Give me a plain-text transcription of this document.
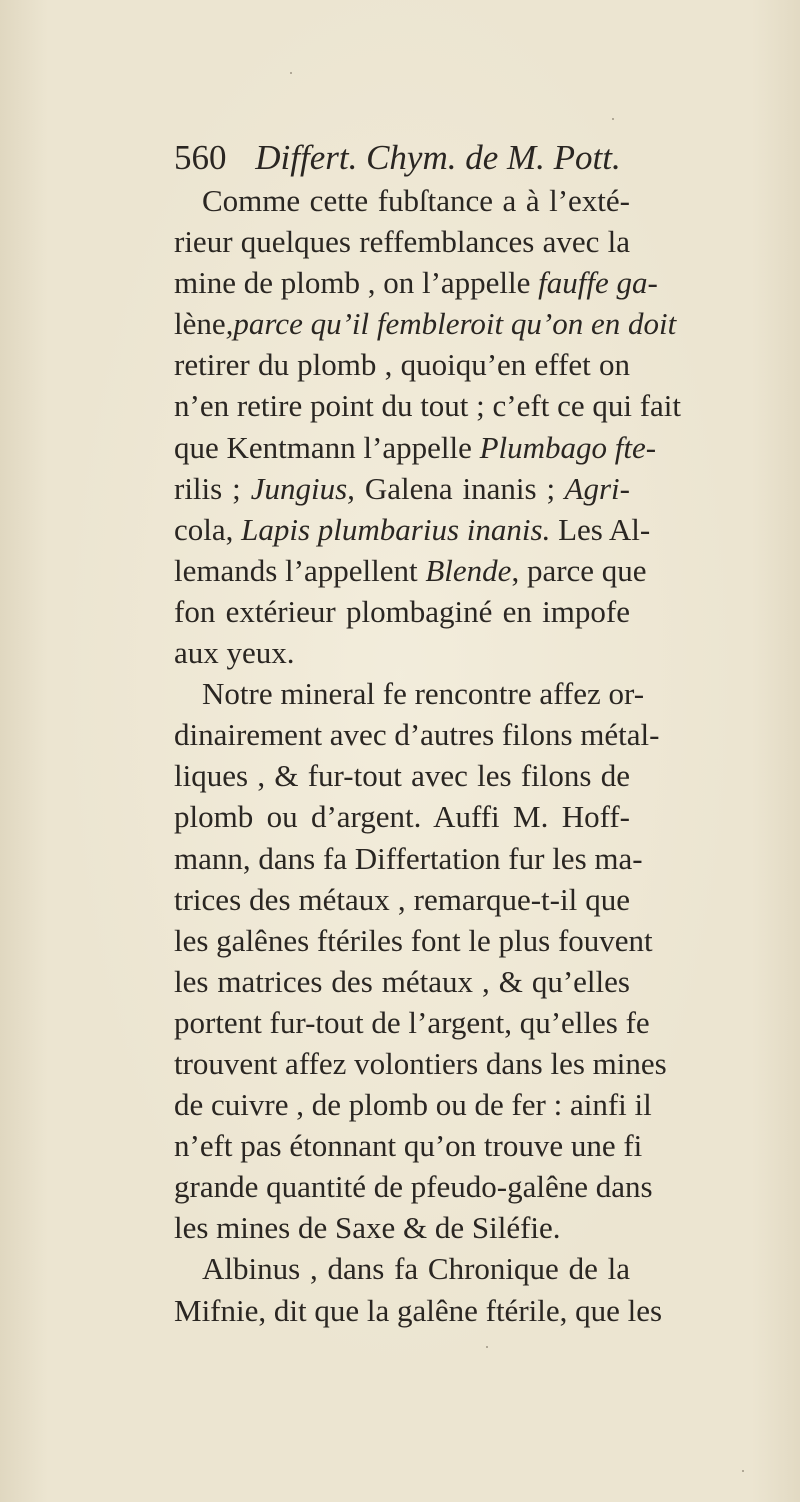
560 Differt. Chym. de M. Pott.
Comme cette fubſtance a à l’exté-
rieur quelques reffemblances avec la
mine de plomb , on l’appelle fauffe ga-
lène,parce qu’il fembleroit qu’on en doit
retirer du plomb , quoiqu’en effet on
n’en retire point du tout ; c’eft ce qui fait
que Kentmann l’appelle Plumbago fte-
rilis ; Jungius, Galena inanis ; Agri-
cola, Lapis plumbarius inanis. Les Al-
lemands l’appellent Blende, parce que
fon extérieur plombaginé en impofe
aux yeux.
Notre mineral fe rencontre affez or-
dinairement avec d’autres filons métal-
liques , & fur-tout avec les filons de
plomb ou d’argent. Auffi M. Hoff-
mann, dans fa Differtation fur les ma-
trices des métaux , remarque-t-il que
les galênes ftériles font le plus fouvent
les matrices des métaux , & qu’elles
portent fur-tout de l’argent, qu’elles fe
trouvent affez volontiers dans les mines
de cuivre , de plomb ou de fer : ainfi il
n’eft pas étonnant qu’on trouve une fi
grande quantité de pfeudo-galêne dans
les mines de Saxe & de Siléfie.
Albinus , dans fa Chronique de la
Mifnie, dit que la galêne ftérile, que les
